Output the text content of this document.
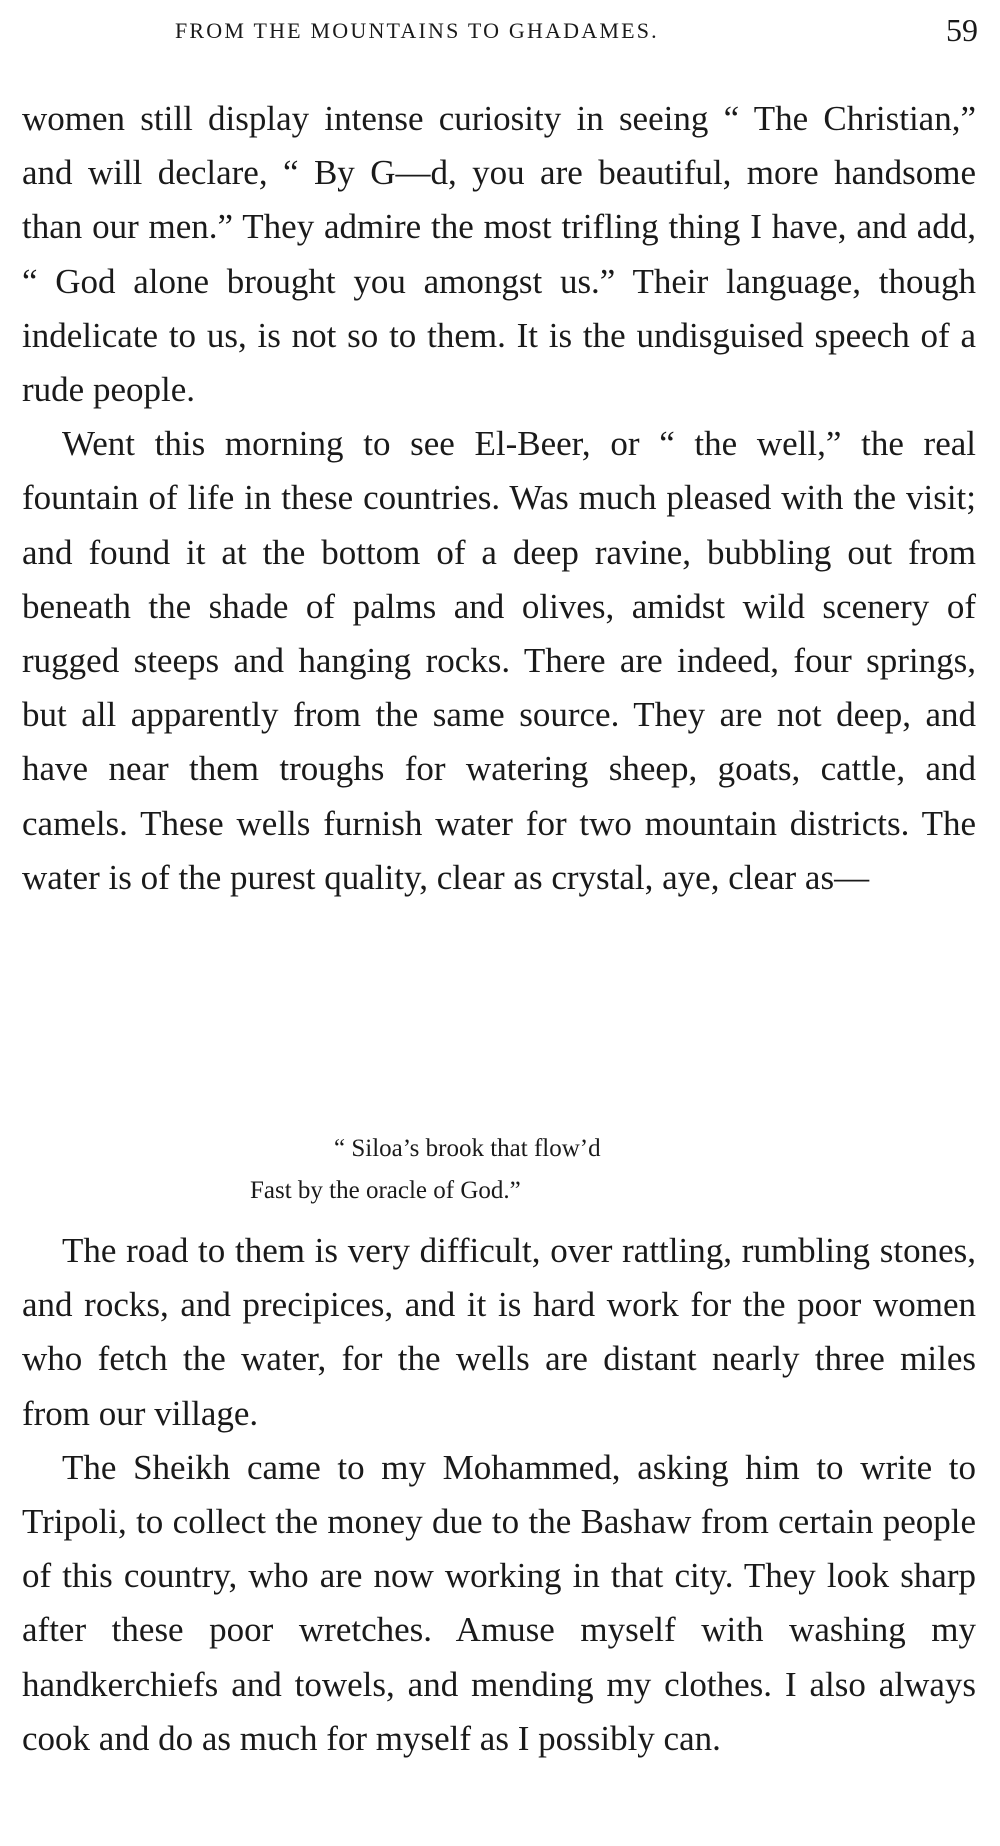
FROM THE MOUNTAINS TO GHADAMES.	59

women still display intense curiosity in seeing “ The Christian,” and will declare, “ By G—d, you are beautiful, more handsome than our men.” They admire the most trifling thing I have, and add, “ God alone brought you amongst us.” Their language, though indelicate to us, is not so to them. It is the undisguised speech of a rude people.

Went this morning to see El-Beer, or “ the well,” the real fountain of life in these countries. Was much pleased with the visit; and found it at the bottom of a deep ravine, bubbling out from beneath the shade of palms and olives, amidst wild scenery of rugged steeps and hanging rocks. There are indeed, four springs, but all apparently from the same source. They are not deep, and have near them troughs for watering sheep, goats, cattle, and camels. These wells furnish water for two mountain districts. The water is of the purest quality, clear as crystal, aye, clear as—

“ Siloa’s brook that flow’d
Fast by the oracle of God.”

The road to them is very difficult, over rattling, rumbling stones, and rocks, and precipices, and it is hard work for the poor women who fetch the water, for the wells are distant nearly three miles from our village.

The Sheikh came to my Mohammed, asking him to write to Tripoli, to collect the money due to the Bashaw from certain people of this country, who are now working in that city. They look sharp after these poor wretches. Amuse myself with washing my handkerchiefs and towels, and mending my clothes. I also always cook and do as much for myself as I possibly can.
